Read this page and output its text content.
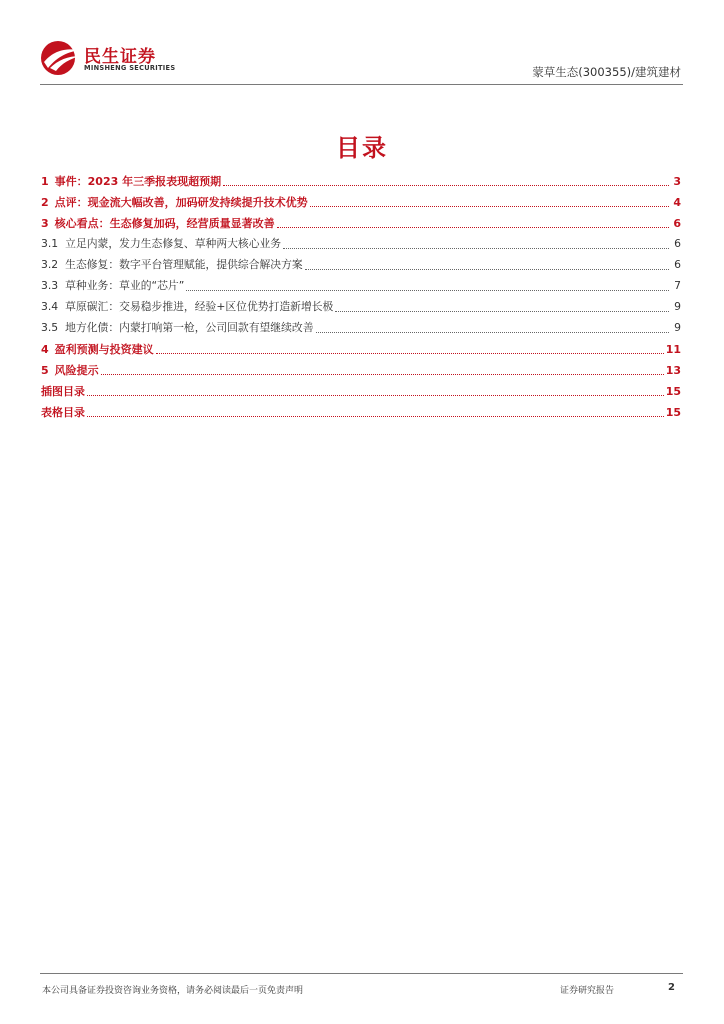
民生证券
MINSHENG SECURITIES	蒙草生态(300355)/建筑建材
目录
1 事件：2023 年三季报表现超预期	3
2 点评：现金流大幅改善，加码研发持续提升技术优势	4
3 核心看点：生态修复加码，经营质量显著改善	6
3.1 立足内蒙，发力生态修复、草种两大核心业务	6
3.2 生态修复：数字平台管理赋能，提供综合解决方案	6
3.3 草种业务：草业的“芯片”	7
3.4 草原碳汇：交易稳步推进，经验+区位优势打造新增长极	9
3.5 地方化债：内蒙打响第一枪，公司回款有望继续改善	9
4 盈利预测与投资建议	11
5 风险提示	13
插图目录	15
表格目录	15
本公司具备证券投资咨询业务资格，请务必阅读最后一页免责声明	证券研究报告	2
